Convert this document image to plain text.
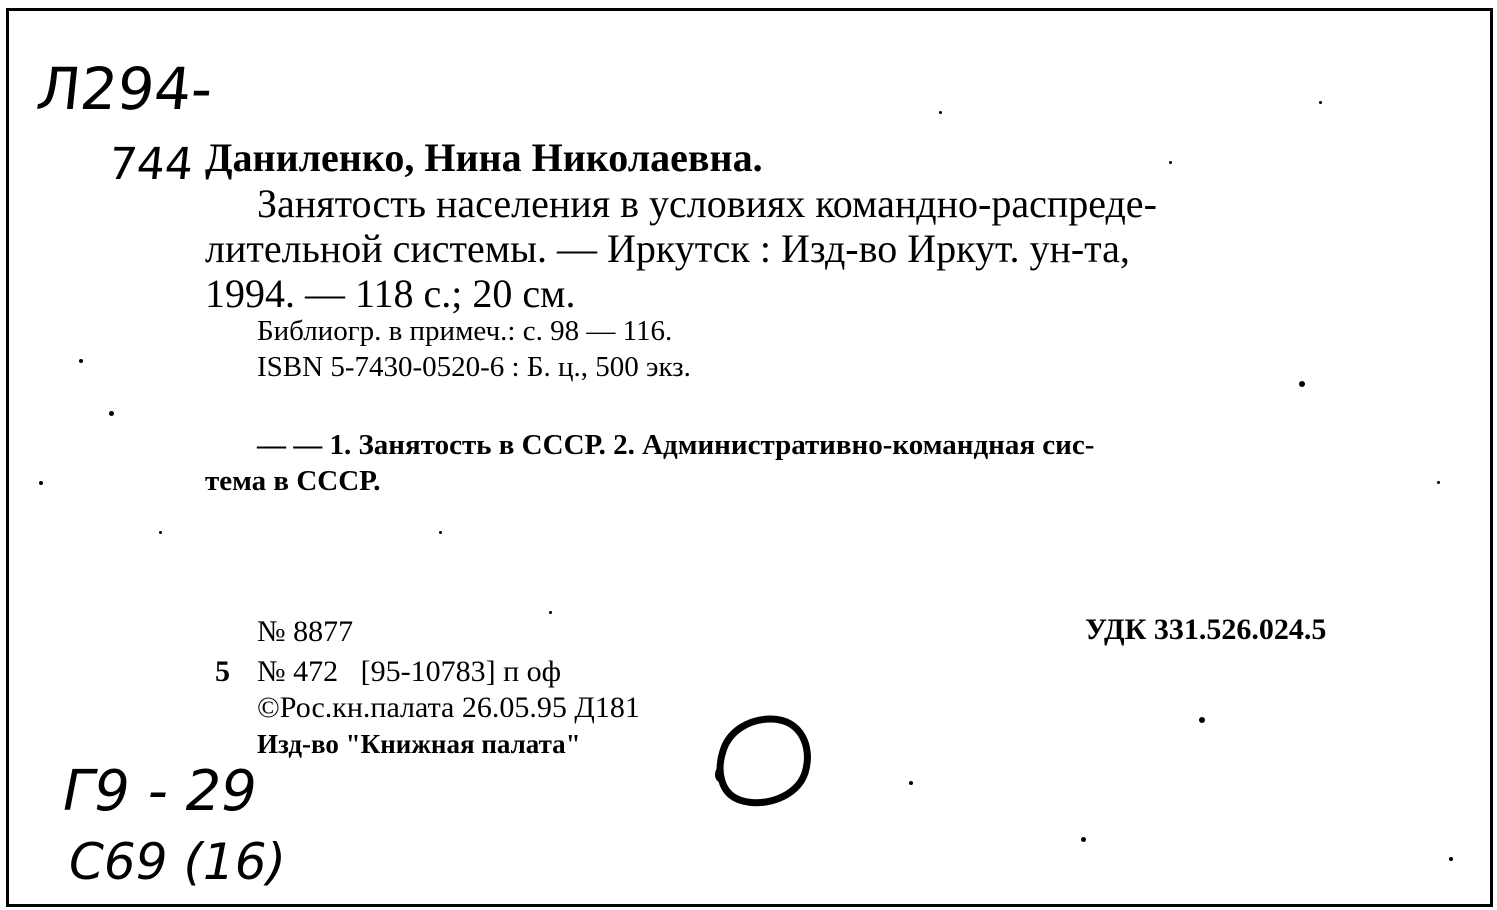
Л294-
744 Даниленко, Нина Николаевна.
Занятость населения в условиях командно-распреде-
лительной системы. — Иркутск : Изд-во Иркут. ун-та,
1994. — 118 с.; 20 см.
Библиогр. в примеч.: с. 98 — 116.
ISBN 5-7430-0520-6 : Б. ц., 500 экз.
— — 1. Занятость в СССР. 2. Административно-командная сис-
тема в СССР.
№ 8877	УДК 331.526.024.5
5 № 472   [95-10783] п оф
©Рос.кн.палата 26.05.95 Д181
Изд-во "Книжная палата"
Г9 - 29
С69 (16)
